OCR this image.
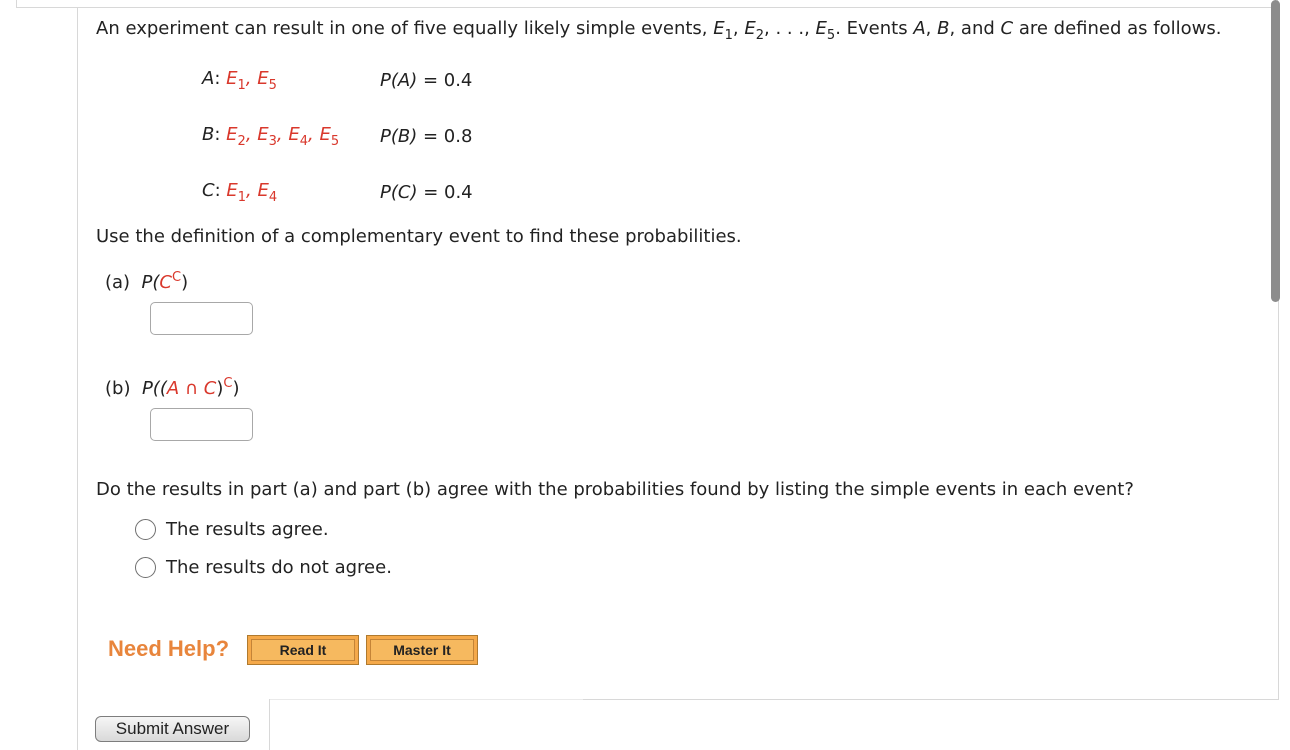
An experiment can result in one of five equally likely simple events, $E_1$, $E_2$, . . ., $E_5$. Events A, B, and C are defined as follows.
A: $E_1$, $E_5$	P(A) = 0.4
B: $E_2$, $E_3$, $E_4$, $E_5$ P(B) = 0.8
C: $E_1$, $E_4$	P(C) = 0.4
Use the definition of a complementary event to find these probabilities.
(a) $P(C^C)$
(b) P((A ∩ C)$^C$)
Do the results in part (a) and part (b) agree with the probabilities found by listing the simple events in each event?
The results agree.
The results do not agree.
Need Help?	Read It	Master It
Submit Answer
